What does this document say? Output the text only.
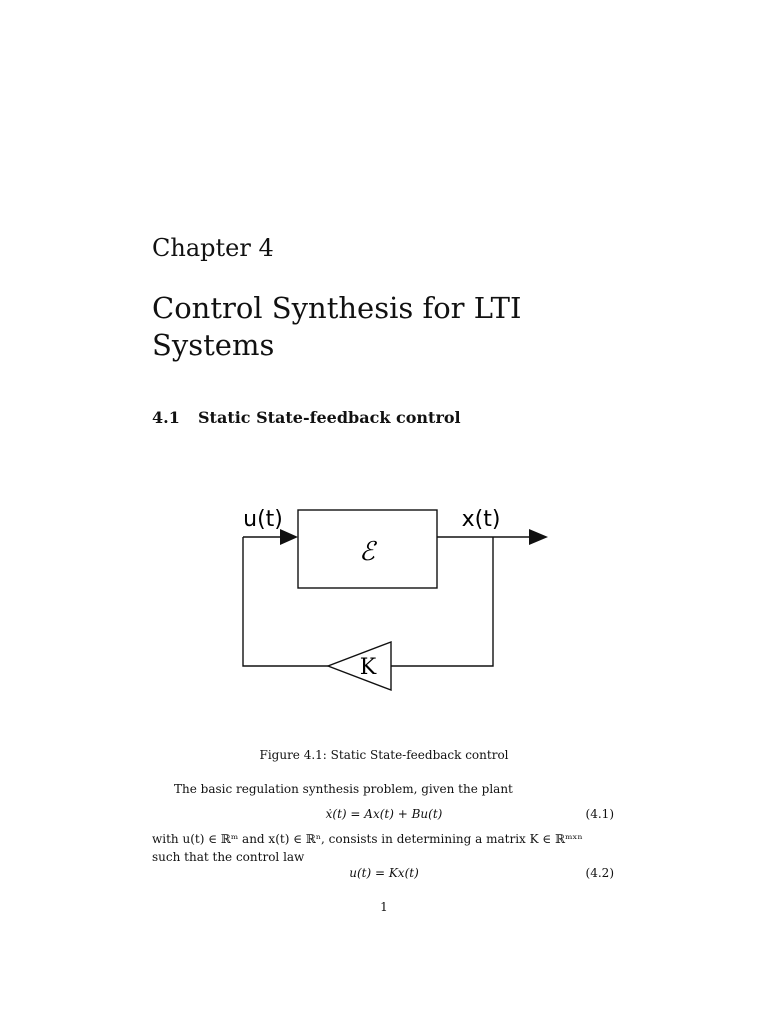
Chapter 4
Control Synthesis for LTI Systems
4.1 Static State-feedback control
ℰ
u(t)	x(t)
K
Figure 4.1: Static State-feedback control
The basic regulation synthesis problem, given the plant
ẋ(t) = Ax(t) + Bu(t)	(4.1)
with u(t) ∈ ℝᵐ and x(t) ∈ ℝⁿ, consists in determining a matrix K ∈ ℝᵐˣⁿ
such that the control law
u(t) = Kx(t)	(4.2)
1
